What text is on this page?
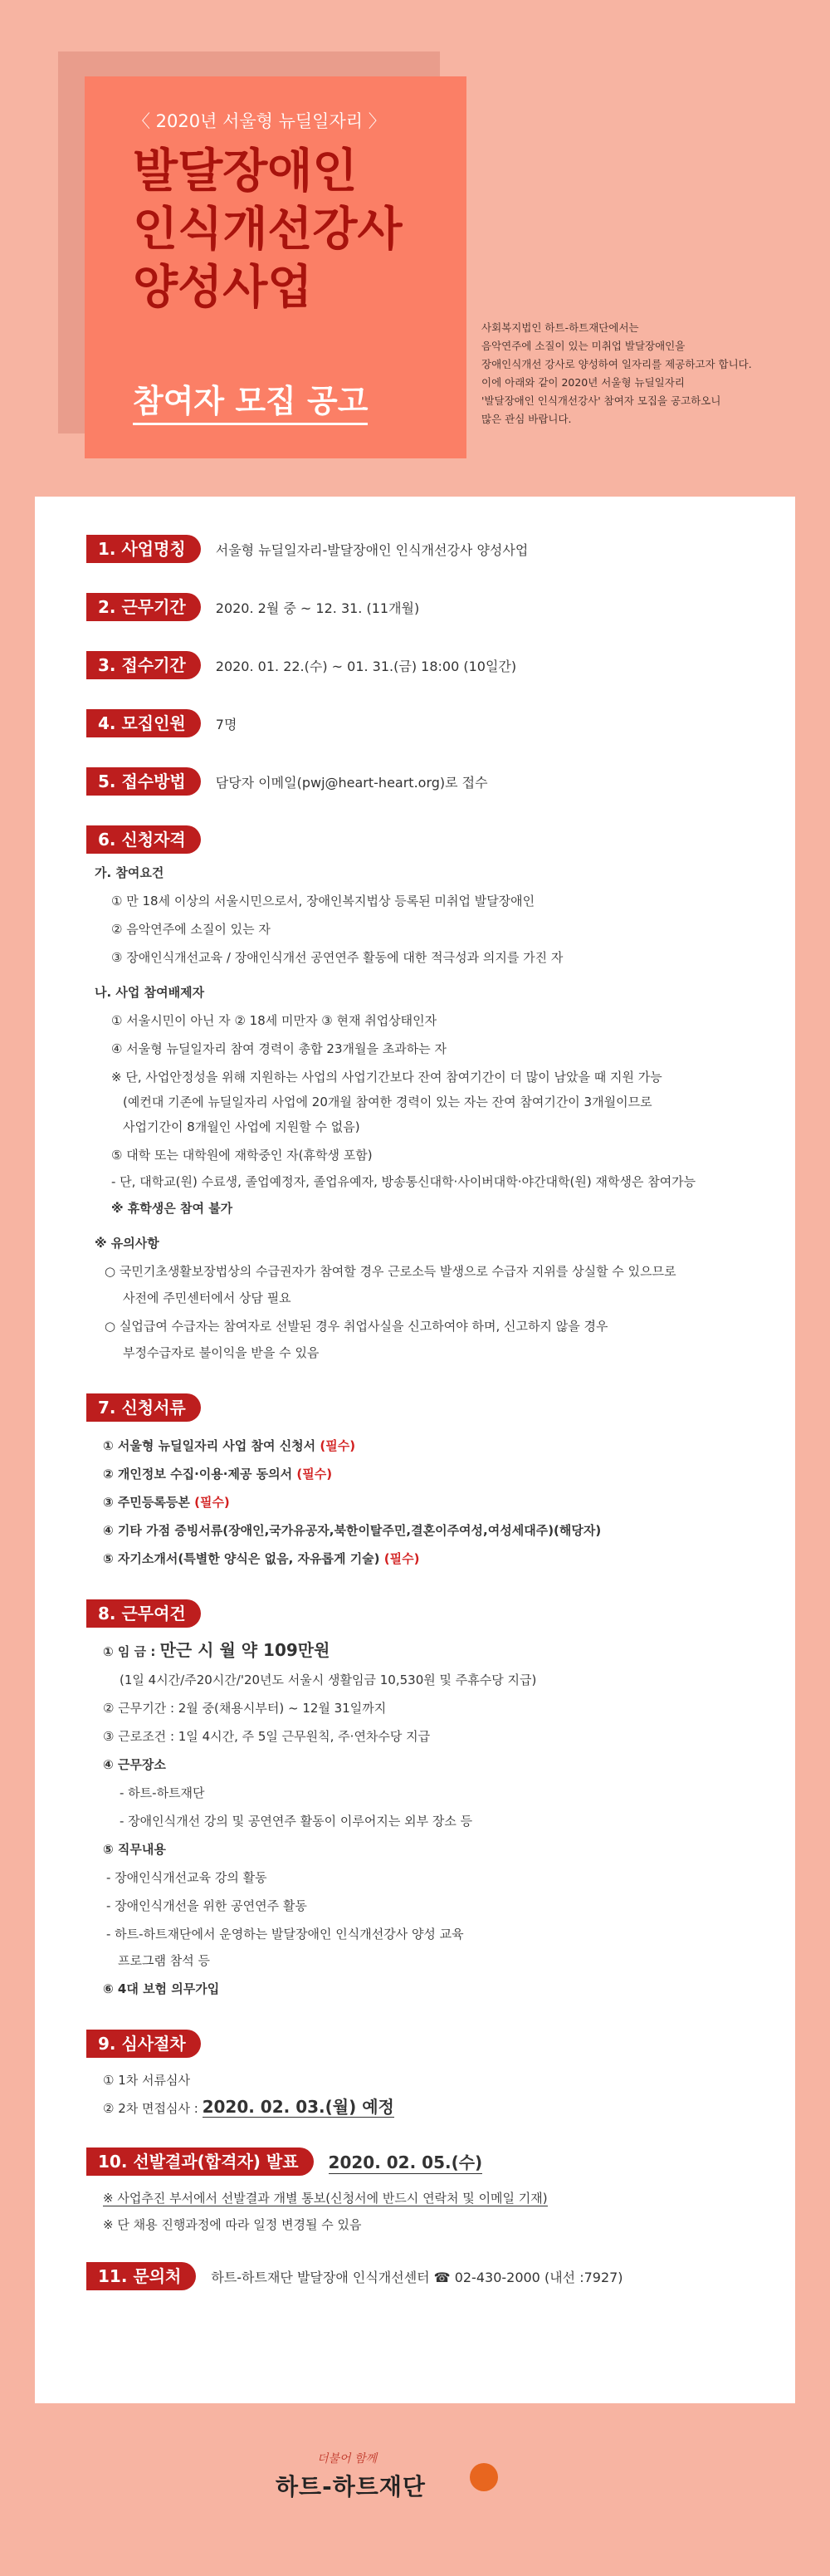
〈 2020년 서울형 뉴딜일자리 〉
발달장애인
인식개선강사
양성사업
참여자 모집 공고
사회복지법인 하트-하트재단에서는
음악연주에 소질이 있는 미취업 발달장애인을
장애인식개선 강사로 양성하여 일자리를 제공하고자 합니다.
이에 아래와 같이 2020년 서울형 뉴딜일자리
'발달장애인 인식개선강사' 참여자 모집을 공고하오니
많은 관심 바랍니다.
1. 사업명칭 서울형 뉴딜일자리-발달장애인 인식개선강사 양성사업
2. 근무기간 2020. 2월 중 ~ 12. 31. (11개월)
3. 접수기간 2020. 01. 22.(수) ~ 01. 31.(금) 18:00 (10일간)
4. 모집인원 7명
5. 접수방법 담당자 이메일(pwj@heart-heart.org)로 접수
6. 신청자격
가. 참여요건
① 만 18세 이상의 서울시민으로서, 장애인복지법상 등록된 미취업 발달장애인
② 음악연주에 소질이 있는 자
③ 장애인식개선교육 / 장애인식개선 공연연주 활동에 대한 적극성과 의지를 가진 자
나. 사업 참여배제자
① 서울시민이 아닌 자 ② 18세 미만자 ③ 현재 취업상태인자
④ 서울형 뉴딜일자리 참여 경력이 총합 23개월을 초과하는 자
※ 단, 사업안정성을 위해 지원하는 사업의 사업기간보다 잔여 참여기간이 더 많이 남았을 때 지원 가능
(예컨대 기존에 뉴딜일자리 사업에 20개월 참여한 경력이 있는 자는 잔여 참여기간이 3개월이므로
사업기간이 8개월인 사업에 지원할 수 없음)
⑤ 대학 또는 대학원에 재학중인 자(휴학생 포함)
- 단, 대학교(원) 수료생, 졸업예정자, 졸업유예자, 방송통신대학·사이버대학·야간대학(원) 재학생은 참여가능
※ 휴학생은 참여 불가
※ 유의사항
○ 국민기초생활보장법상의 수급권자가 참여할 경우 근로소득 발생으로 수급자 지위를 상실할 수 있으므로
사전에 주민센터에서 상담 필요
○ 실업급여 수급자는 참여자로 선발된 경우 취업사실을 신고하여야 하며, 신고하지 않을 경우
부정수급자로 불이익을 받을 수 있음
7. 신청서류
① 서울형 뉴딜일자리 사업 참여 신청서 (필수)
② 개인정보 수집·이용·제공 동의서 (필수)
③ 주민등록등본 (필수)
④ 기타 가점 증빙서류(장애인,국가유공자,북한이탈주민,결혼이주여성,여성세대주)(해당자)
⑤ 자기소개서(특별한 양식은 없음, 자유롭게 기술) (필수)
8. 근무여건
① 임 금 : 만근 시 월 약 109만원
(1일 4시간/주20시간/'20년도 서울시 생활임금 10,530원 및 주휴수당 지급)
② 근무기간 : 2월 중(채용시부터) ~ 12월 31일까지
③ 근로조건 : 1일 4시간, 주 5일 근무원칙, 주·연차수당 지급
④ 근무장소
- 하트-하트재단
- 장애인식개선 강의 및 공연연주 활동이 이루어지는 외부 장소 등
⑤ 직무내용
- 장애인식개선교육 강의 활동
- 장애인식개선을 위한 공연연주 활동
- 하트-하트재단에서 운영하는 발달장애인 인식개선강사 양성 교육
프로그램 참석 등
⑥ 4대 보험 의무가입
9. 심사절차
① 1차 서류심사
② 2차 면접심사 : 2020. 02. 03.(월) 예정
10. 선발결과(합격자) 발표 2020. 02. 05.(수)
※ 사업추진 부서에서 선발결과 개별 통보(신청서에 반드시 연락처 및 이메일 기재)
※ 단 채용 진행과정에 따라 일정 변경될 수 있음
11. 문의처 하트-하트재단 발달장애 인식개선센터 ☎ 02-430-2000 (내선 :7927)
더불어 함께
하트-하트재단
